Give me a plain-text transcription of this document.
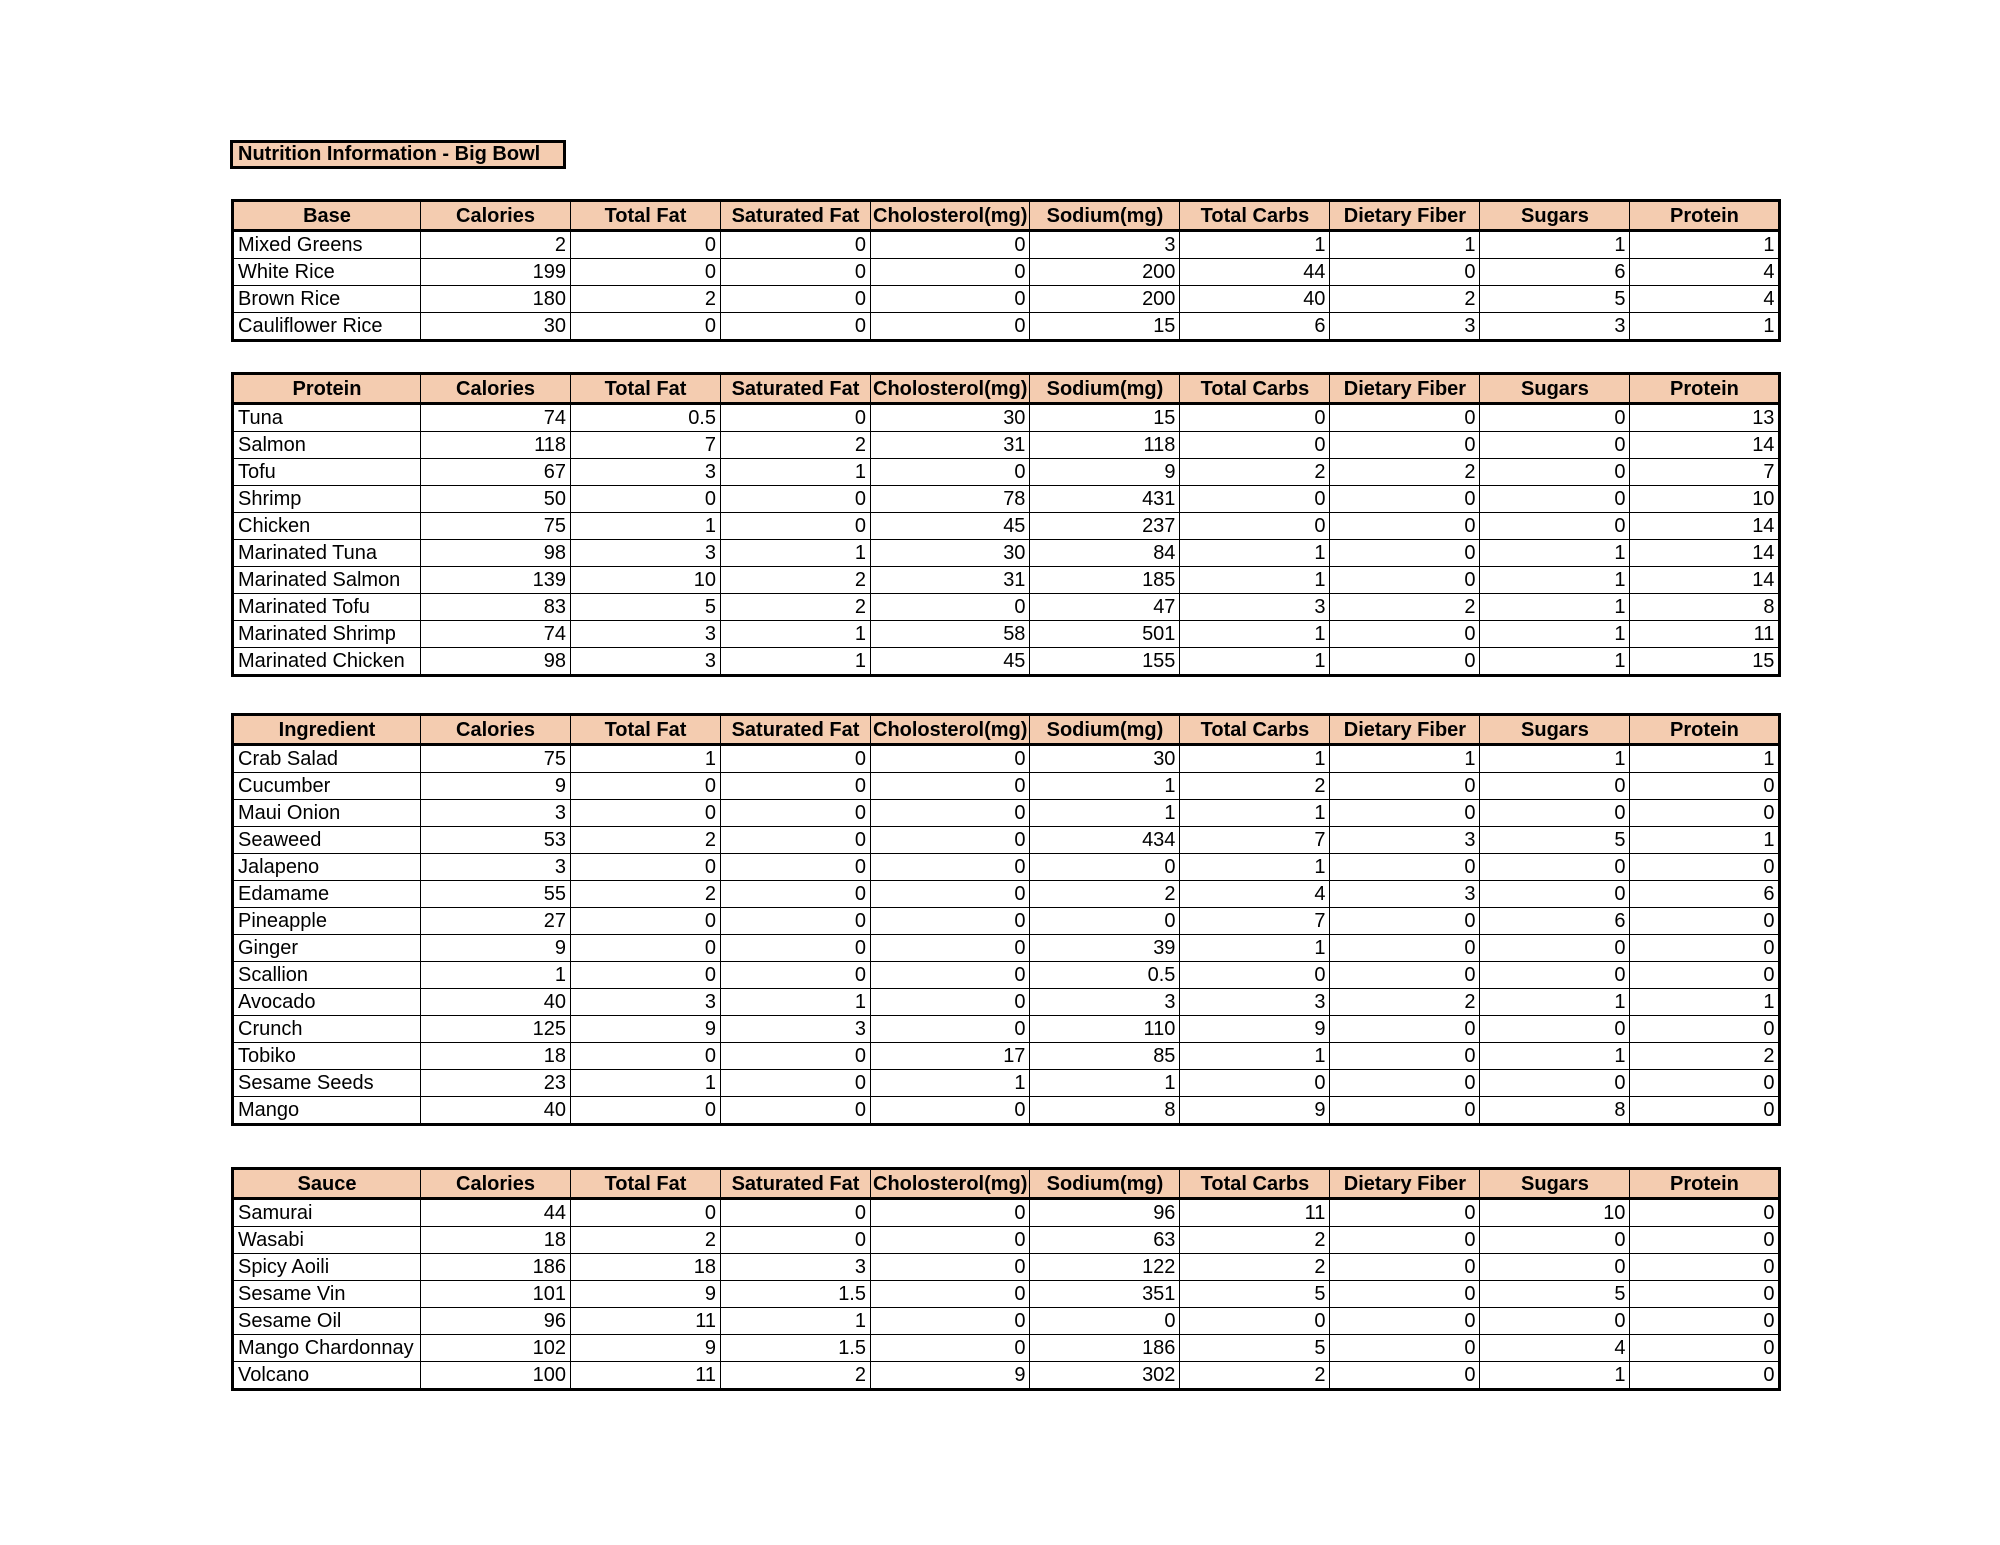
Nutrition Information - Big Bowl
Base	Calories	Total Fat	Saturated Fat	Cholosterol(mg)	Sodium(mg)	Total Carbs	Dietary Fiber	Sugars	Protein
Mixed Greens	2	0	0	0	3	1	1	1	1
White Rice	199	0	0	0	200	44	0	6	4
Brown Rice	180	2	0	0	200	40	2	5	4
Cauliflower Rice	30	0	0	0	15	6	3	3	1
Protein	Calories	Total Fat	Saturated Fat	Cholosterol(mg)	Sodium(mg)	Total Carbs	Dietary Fiber	Sugars	Protein
Tuna	74	0.5	0	30	15	0	0	0	13
Salmon	118	7	2	31	118	0	0	0	14
Tofu	67	3	1	0	9	2	2	0	7
Shrimp	50	0	0	78	431	0	0	0	10
Chicken	75	1	0	45	237	0	0	0	14
Marinated Tuna	98	3	1	30	84	1	0	1	14
Marinated Salmon	139	10	2	31	185	1	0	1	14
Marinated Tofu	83	5	2	0	47	3	2	1	8
Marinated Shrimp	74	3	1	58	501	1	0	1	11
Marinated Chicken	98	3	1	45	155	1	0	1	15
Ingredient	Calories	Total Fat	Saturated Fat	Cholosterol(mg)	Sodium(mg)	Total Carbs	Dietary Fiber	Sugars	Protein
Crab Salad	75	1	0	0	30	1	1	1	1
Cucumber	9	0	0	0	1	2	0	0	0
Maui Onion	3	0	0	0	1	1	0	0	0
Seaweed	53	2	0	0	434	7	3	5	1
Jalapeno	3	0	0	0	0	1	0	0	0
Edamame	55	2	0	0	2	4	3	0	6
Pineapple	27	0	0	0	0	7	0	6	0
Ginger	9	0	0	0	39	1	0	0	0
Scallion	1	0	0	0	0.5	0	0	0	0
Avocado	40	3	1	0	3	3	2	1	1
Crunch	125	9	3	0	110	9	0	0	0
Tobiko	18	0	0	17	85	1	0	1	2
Sesame Seeds	23	1	0	1	1	0	0	0	0
Mango	40	0	0	0	8	9	0	8	0
Sauce	Calories	Total Fat	Saturated Fat	Cholosterol(mg)	Sodium(mg)	Total Carbs	Dietary Fiber	Sugars	Protein
Samurai	44	0	0	0	96	11	0	10	0
Wasabi	18	2	0	0	63	2	0	0	0
Spicy Aoili	186	18	3	0	122	2	0	0	0
Sesame Vin	101	9	1.5	0	351	5	0	5	0
Sesame Oil	96	11	1	0	0	0	0	0	0
Mango Chardonnay	102	9	1.5	0	186	5	0	4	0
Volcano	100	11	2	9	302	2	0	1	0
